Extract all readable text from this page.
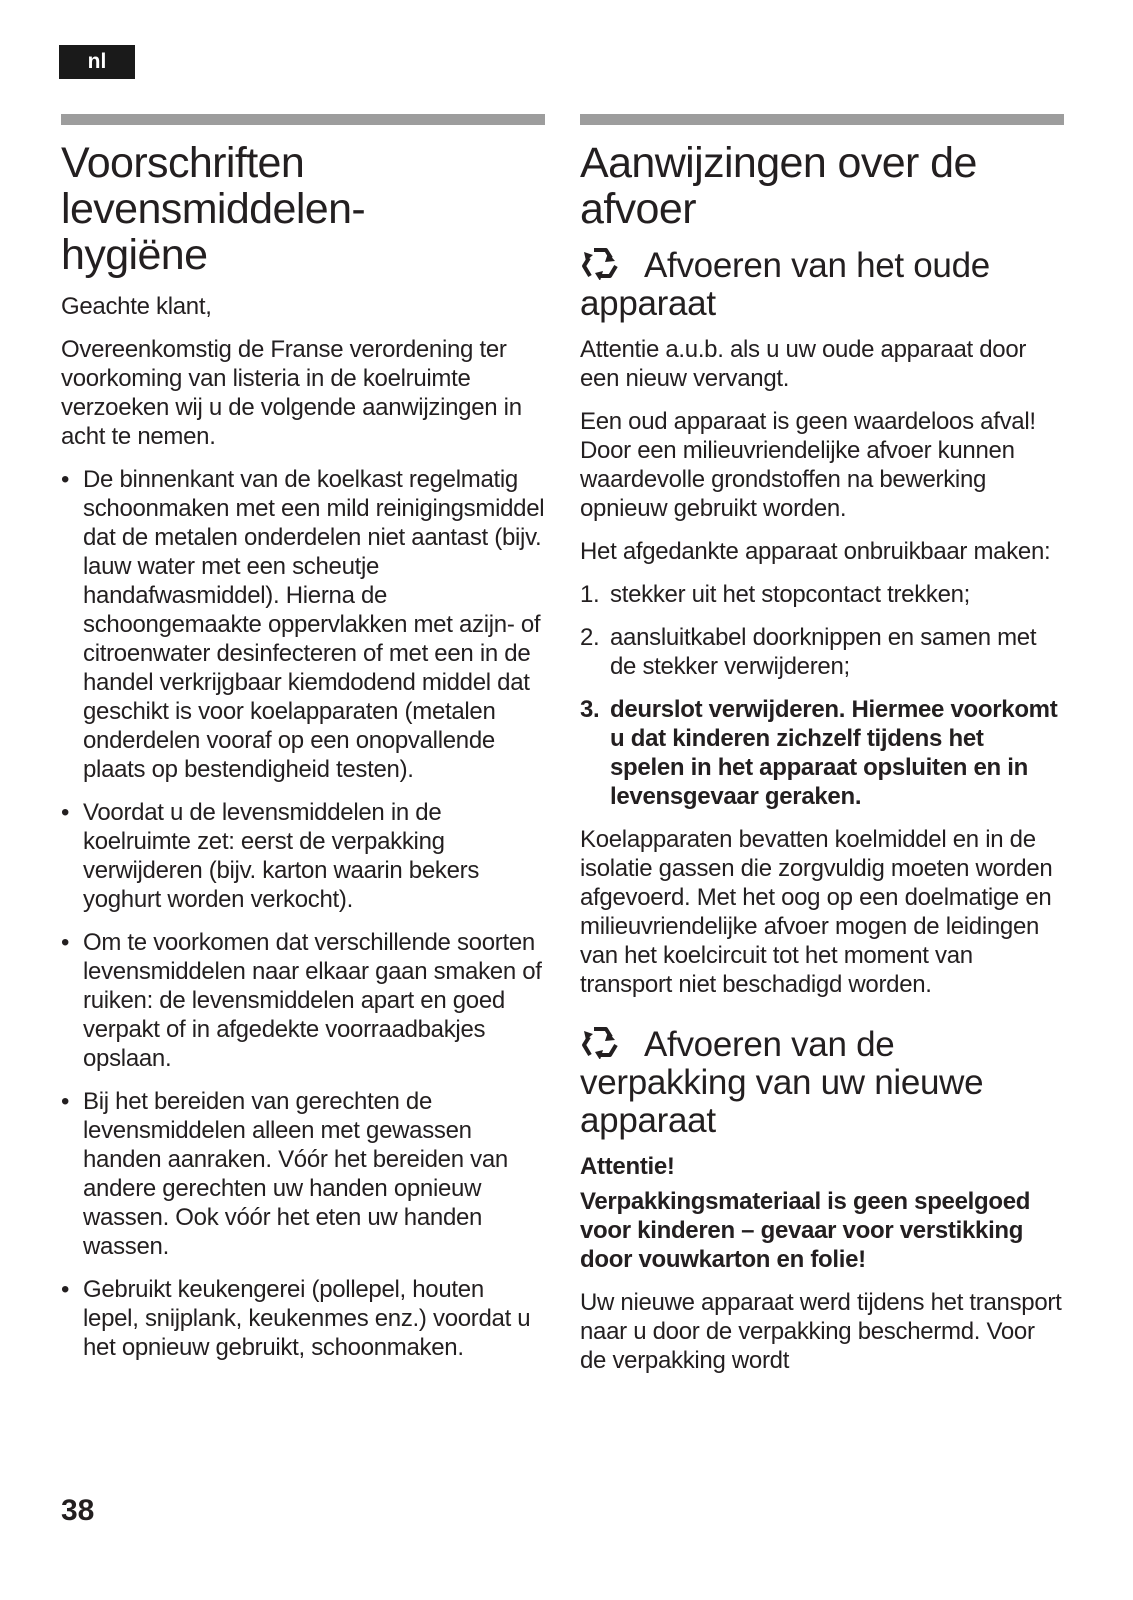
nl
Voorschriften
levensmiddelen-
hygiëne

Geachte klant,

Overeenkomstig de Franse verordening ter voorkoming van listeria in de koelruimte verzoeken wij u de volgende aanwijzingen in acht te nemen.

• De binnenkant van de koelkast regelmatig schoonmaken met een mild reinigingsmiddel dat de metalen onderdelen niet aantast (bijv. lauw water met een scheutje handafwasmiddel). Hierna de schoongemaakte oppervlakken met azijn- of citroenwater desinfecteren of met een in de handel verkrijgbaar kiemdodend middel dat geschikt is voor koelapparaten (metalen onderdelen vooraf op een onopvallende plaats op bestendigheid testen).
• Voordat u de levensmiddelen in de koelruimte zet: eerst de verpakking verwijderen (bijv. karton waarin bekers yoghurt worden verkocht).
• Om te voorkomen dat verschillende soorten levensmiddelen naar elkaar gaan smaken of ruiken: de levensmiddelen apart en goed verpakt of in afgedekte voorraadbakjes opslaan.
• Bij het bereiden van gerechten de levensmiddelen alleen met gewassen handen aanraken. Vóór het bereiden van andere gerechten uw handen opnieuw wassen. Ook vóór het eten uw handen wassen.
• Gebruikt keukengerei (pollepel, houten lepel, snijplank, keukenmes enz.) voordat u het opnieuw gebruikt, schoonmaken.
Aanwijzingen over de
afvoer
Afvoeren van het oude apparaat

Attentie a.u.b. als u uw oude apparaat door een nieuw vervangt.

Een oud apparaat is geen waardeloos afval! Door een milieuvriendelijke afvoer kunnen waardevolle grondstoffen na bewerking opnieuw gebruikt worden.

Het afgedankte apparaat onbruikbaar maken:

1. stekker uit het stopcontact trekken;
2. aansluitkabel doorknippen en samen met de stekker verwijderen;
3. deurslot verwijderen. Hiermee voorkomt u dat kinderen zichzelf tijdens het spelen in het apparaat opsluiten en in levensgevaar geraken.

Koelapparaten bevatten koelmiddel en in de isolatie gassen die zorgvuldig moeten worden afgevoerd. Met het oog op een doelmatige en milieuvriendelijke afvoer mogen de leidingen van het koelcircuit tot het moment van transport niet beschadigd worden.

Afvoeren van de verpakking van uw nieuwe apparaat

Attentie!

Verpakkingsmateriaal is geen speelgoed voor kinderen – gevaar voor verstikking door vouwkarton en folie!

Uw nieuwe apparaat werd tijdens het transport naar u door de verpakking beschermd. Voor de verpakking wordt

38
